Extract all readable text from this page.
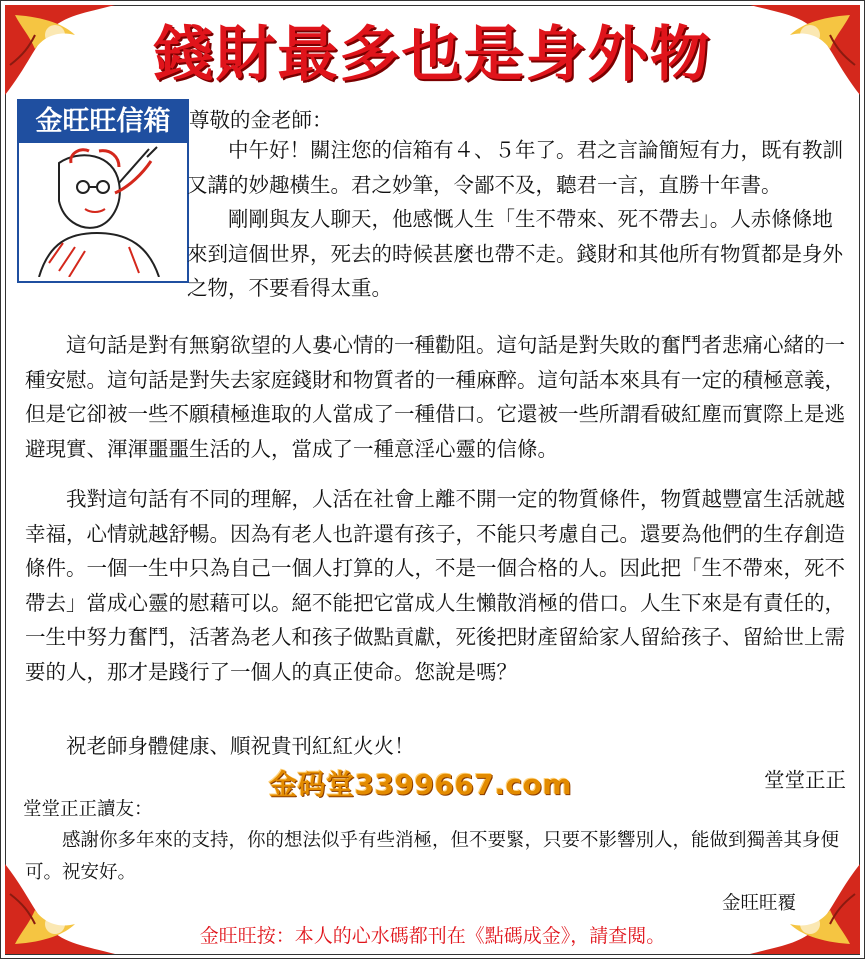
錢財最多也是身外物
金旺旺信箱 尊敬的金老師：

中午好！關注您的信箱有４、５年了。君之言論簡短有力，既有教訓又講的妙趣橫生。君之妙筆，令鄙不及，聽君一言，直勝十年書。

剛剛與友人聊天，他感慨人生「生不帶來、死不帶去」。人赤條條地來到這個世界，死去的時候甚麼也帶不走。錢財和其他所有物質都是身外之物，不要看得太重。

這句話是對有無窮欲望的人婁心情的一種勸阻。這句話是對失敗的奮鬥者悲痛心緒的一種安慰。這句話是對失去家庭錢財和物質者的一種麻醉。這句話本來具有一定的積極意義，但是它卻被一些不願積極進取的人當成了一種借口。它還被一些所謂看破紅塵而實際上是逃避現實、渾渾噩噩生活的人，當成了一種意淫心靈的信條。

我對這句話有不同的理解，人活在社會上離不開一定的物質條件，物質越豐富生活就越幸福，心情就越舒暢。因為有老人也許還有孩子，不能只考慮自己。還要為他們的生存創造條件。一個一生中只為自己一個人打算的人，不是一個合格的人。因此把「生不帶來，死不帶去」當成心靈的慰藉可以。絕不能把它當成人生懶散消極的借口。人生下來是有責任的，一生中努力奮鬥，活著為老人和孩子做點貢獻，死後把財產留給家人留給孩子、留給世上需要的人，那才是踐行了一個人的真正使命。您說是嗎？

祝老師身體健康、順祝貴刊紅紅火火！

堂堂正正
金码堂3399667.com
堂堂正正讀友：

感謝你多年來的支持，你的想法似乎有些消極，但不要緊，只要不影響別人，能做到獨善其身便可。祝安好。

金旺旺覆
金旺旺按：本人的心水碼都刊在《點碼成金》，請查閱。
